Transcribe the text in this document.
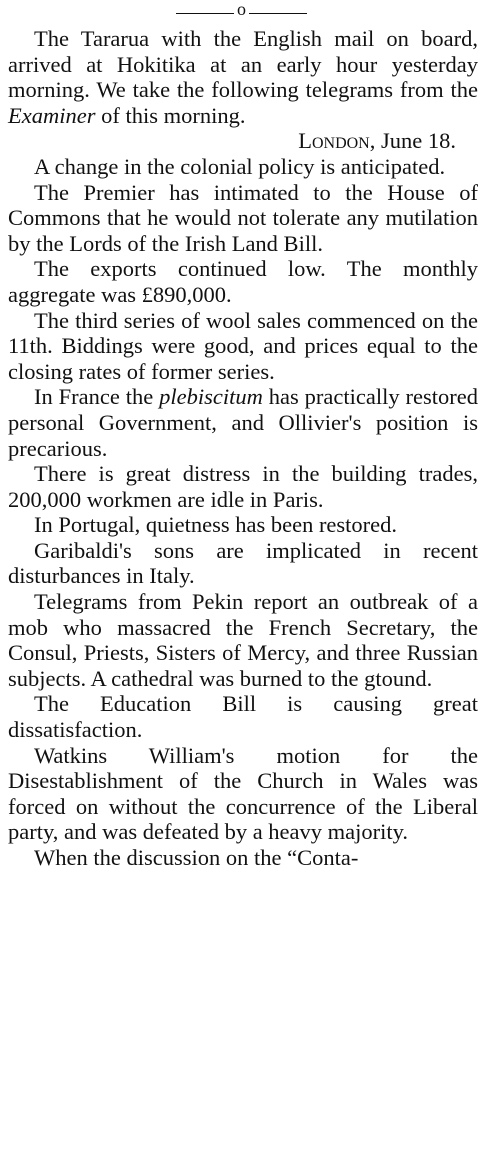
o

The Tararua with the English mail on board, arrived at Hokitika at an early hour yesterday morning. We take the following telegrams from the Examiner of this morning.

London, June 18.

A change in the colonial policy is anticipated.

The Premier has intimated to the House of Commons that he would not tolerate any mutilation by the Lords of the Irish Land Bill.

The exports continued low. The monthly aggregate was £890,000.

The third series of wool sales commenced on the 11th. Biddings were good, and prices equal to the closing rates of former series.

In France the plebiscitum has practically restored personal Government, and Ollivier's position is precarious.

There is great distress in the building trades, 200,000 workmen are idle in Paris.

In Portugal, quietness has been restored.

Garibaldi's sons are implicated in recent disturbances in Italy.

Telegrams from Pekin report an outbreak of a mob who massacred the French Secretary, the Consul, Priests, Sisters of Mercy, and three Russian subjects. A cathedral was burned to the gtound.

The Education Bill is causing great dissatisfaction.

Watkins William's motion for the Disestablishment of the Church in Wales was forced on without the concurrence of the Liberal party, and was defeated by a heavy majority.

When the discussion on the “Conta-
